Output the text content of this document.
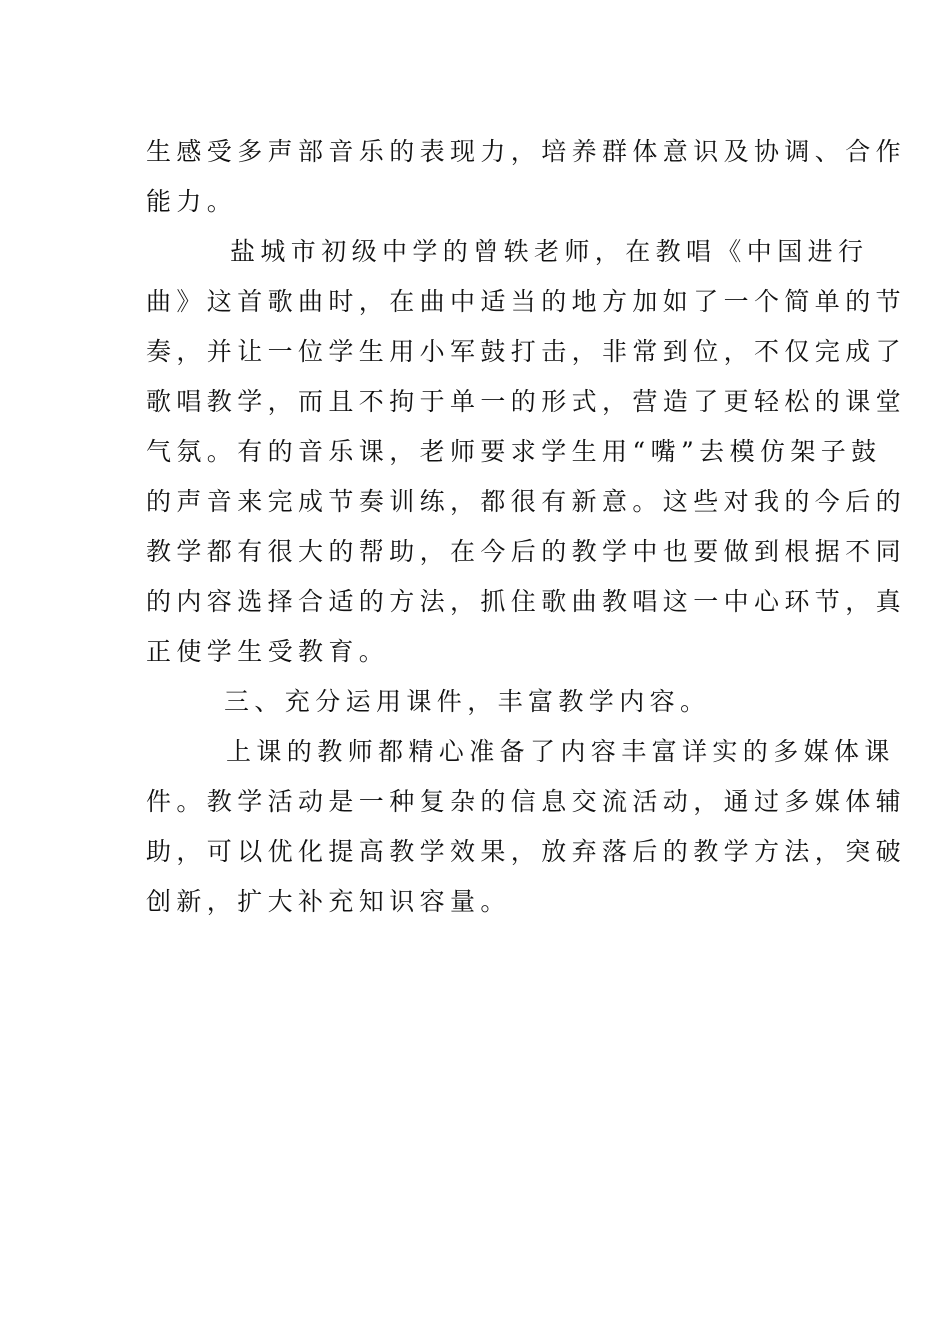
生感受多声部音乐的表现力，培养群体意识及协调、合作
能力。
盐城市初级中学的曾轶老师，在教唱《中国进行
曲》这首歌曲时，在曲中适当的地方加如了一个简单的节
奏，并让一位学生用小军鼓打击，非常到位，不仅完成了
歌唱教学，而且不拘于单一的形式，营造了更轻松的课堂
气氛。有的音乐课，老师要求学生用“嘴”去模仿架子鼓
的声音来完成节奏训练，都很有新意。这些对我的今后的
教学都有很大的帮助，在今后的教学中也要做到根据不同
的内容选择合适的方法，抓住歌曲教唱这一中心环节，真
正使学生受教育。
三、充分运用课件，丰富教学内容。
上课的教师都精心准备了内容丰富详实的多媒体课
件。教学活动是一种复杂的信息交流活动，通过多媒体辅
助，可以优化提高教学效果，放弃落后的教学方法，突破
创新，扩大补充知识容量。
